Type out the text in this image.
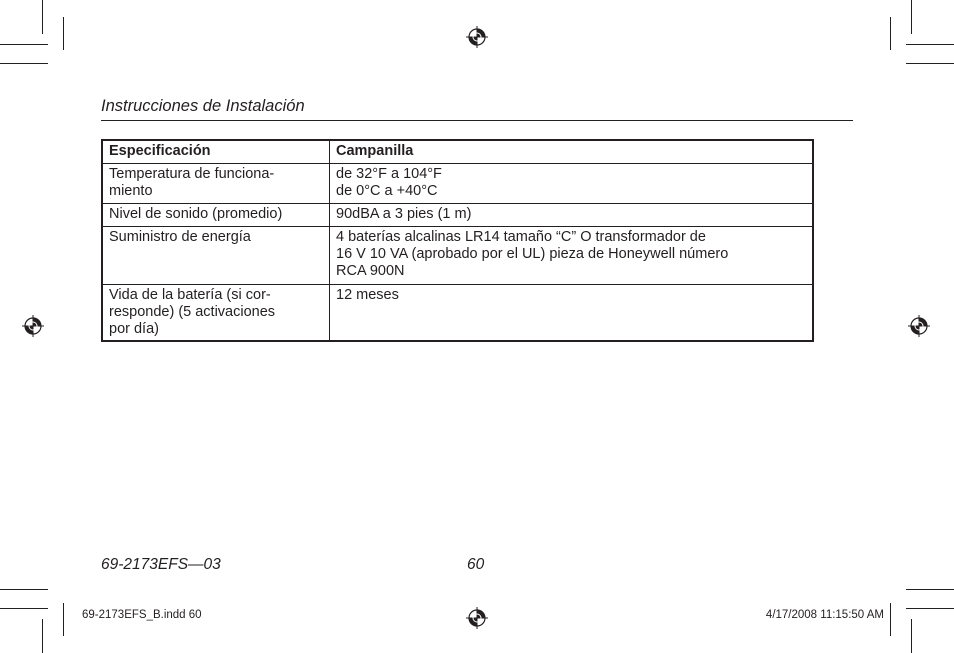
Instrucciones de Instalación
Especificación	Campanilla
Temperatura de funciona-
miento	de 32°F a 104°F
de 0°C a +40°C
Nivel de sonido (promedio)	90dBA a 3 pies (1 m)
Suministro de energía	4 baterías alcalinas LR14 tamaño “C” O transformador de
16 V 10 VA (aprobado por el UL) pieza de Honeywell número
RCA 900N
Vida de la batería (si cor-
responde) (5 activaciones
por día)	12 meses
69-2173EFS—03	60
69-2173EFS_B.indd 60	4/17/2008 11:15:50 AM
